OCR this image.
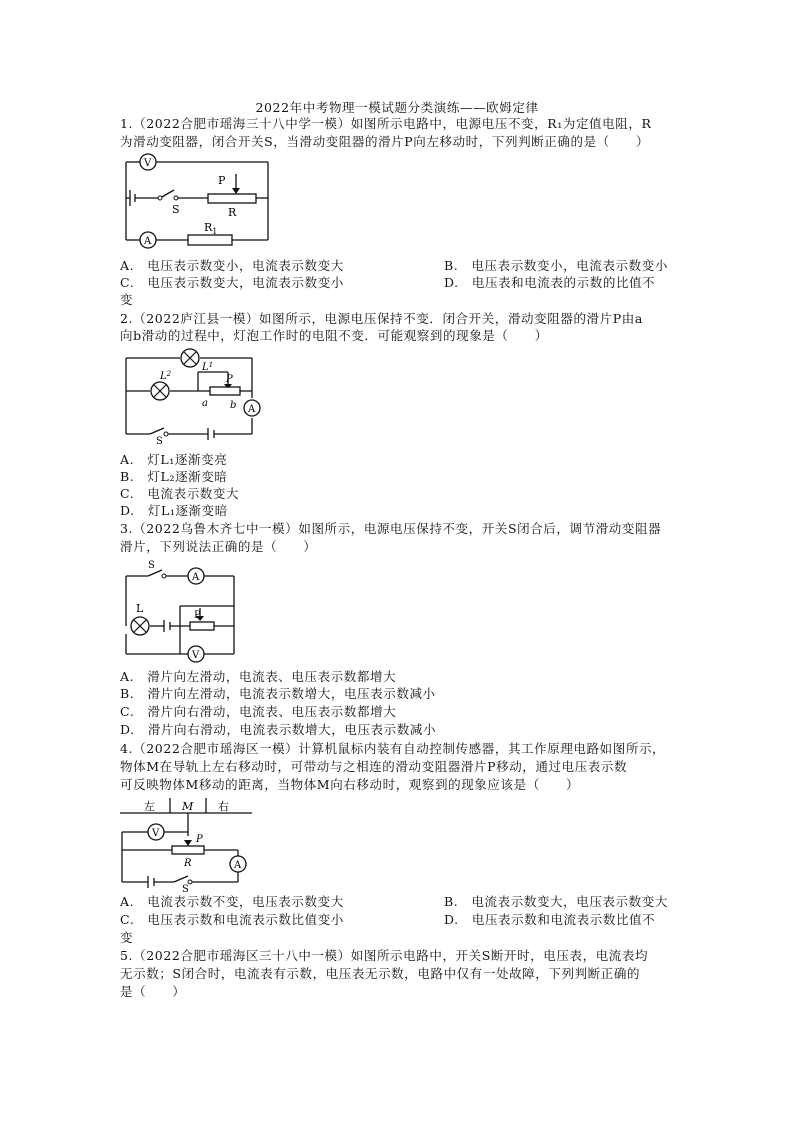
2022年中考物理一模试题分类演练——欧姆定律
1.（2022合肥市瑶海三十八中学一模）如图所示电路中，电源电压不变，R₁为定值电阻，R
为滑动变阻器，闭合开关S，当滑动变阻器的滑片P向左移动时，下列判断正确的是（　　）
V
A
P
S	R
$R_1$
A.　电压表示数变小，电流表示数变大	B.　电压表示数变小，电流表示数变小
C.　电压表示数变大，电流表示数变小	D.　电压表和电流表的示数的比值不
变
2.（2022庐江县一模）如图所示，电源电压保持不变．闭合开关，滑动变阻器的滑片P由a
向b滑动的过程中，灯泡工作时的电阻不变．可能观察到的现象是（　　）
A
$L^2$
$L^1$
P
a b
S
A.　灯L₁逐渐变亮
B.　灯L₂逐渐变暗
C.　电流表示数变大
D.　灯L₁逐渐变暗
3.（2022乌鲁木齐七中一模）如图所示，电源电压保持不变，开关S闭合后，调节滑动变阻器
滑片，下列说法正确的是（　　）
A
V
S
L
P
A.　滑片向左滑动，电流表、电压表示数都增大
B.　滑片向左滑动，电流表示数增大，电压表示数减小
C.　滑片向右滑动，电流表、电压表示数都增大
D.　滑片向右滑动，电流表示数增大，电压表示数减小
4.（2022合肥市瑶海区一模）计算机鼠标内装有自动控制传感器，其工作原理电路如图所示，
物体M在导轨上左右移动时，可带动与之相连的滑动变阻器滑片P移动，通过电压表示数
可反映物体M移动的距离，当物体M向右移动时，观察到的现象应该是（　　）
左 M 右
V
A
P
R
S
A.　电流表示数不变，电压表示数变大	B.　电流表示数变大，电压表示数变大
C.　电压表示数和电流表示数比值变小	D.　电压表示数和电流表示数比值不
变
5.（2022合肥市瑶海区三十八中一模）如图所示电路中，开关S断开时，电压表，电流表均
无示数；S闭合时，电流表有示数，电压表无示数，电路中仅有一处故障，下列判断正确的
是（　　）
